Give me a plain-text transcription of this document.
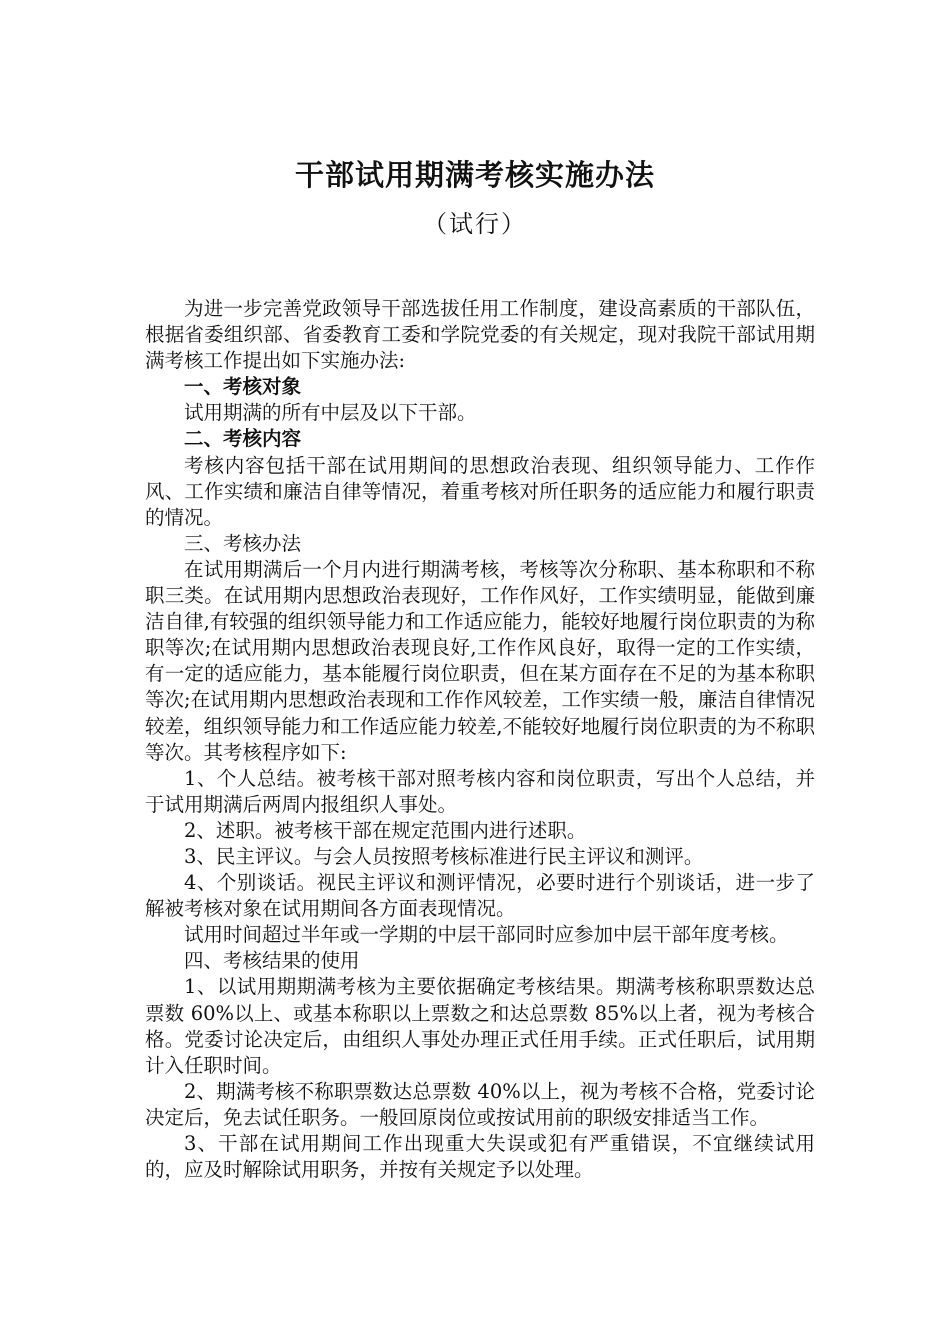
干部试用期满考核实施办法
（试行）

为进一步完善党政领导干部选拔任用工作制度，建设高素质的干部队伍，根据省委组织部、省委教育工委和学院党委的有关规定，现对我院干部试用期满考核工作提出如下实施办法:

一、考核对象

试用期满的所有中层及以下干部。

二、考核内容

考核内容包括干部在试用期间的思想政治表现、组织领导能力、工作作风、工作实绩和廉洁自律等情况，着重考核对所任职务的适应能力和履行职责的情况。

三、考核办法

在试用期满后一个月内进行期满考核，考核等次分称职、基本称职和不称职三类。在试用期内思想政治表现好，工作作风好，工作实绩明显，能做到廉洁自律,有较强的组织领导能力和工作适应能力，能较好地履行岗位职责的为称职等次;在试用期内思想政治表现良好,工作作风良好，取得一定的工作实绩，有一定的适应能力，基本能履行岗位职责，但在某方面存在不足的为基本称职等次;在试用期内思想政治表现和工作作风较差，工作实绩一般，廉洁自律情况较差，组织领导能力和工作适应能力较差,不能较好地履行岗位职责的为不称职等次。其考核程序如下:

1、个人总结。被考核干部对照考核内容和岗位职责，写出个人总结，并于试用期满后两周内报组织人事处。

2、述职。被考核干部在规定范围内进行述职。

3、民主评议。与会人员按照考核标准进行民主评议和测评。

4、个别谈话。视民主评议和测评情况，必要时进行个别谈话，进一步了解被考核对象在试用期间各方面表现情况。

试用时间超过半年或一学期的中层干部同时应参加中层干部年度考核。

四、考核结果的使用

1、以试用期期满考核为主要依据确定考核结果。期满考核称职票数达总票数 60%以上、或基本称职以上票数之和达总票数 85%以上者，视为考核合格。党委讨论决定后，由组织人事处办理正式任用手续。正式任职后，试用期计入任职时间。

2、期满考核不称职票数达总票数 40%以上，视为考核不合格，党委讨论决定后，免去试任职务。一般回原岗位或按试用前的职级安排适当工作。

3、干部在试用期间工作出现重大失误或犯有严重错误，不宜继续试用的，应及时解除试用职务，并按有关规定予以处理。
